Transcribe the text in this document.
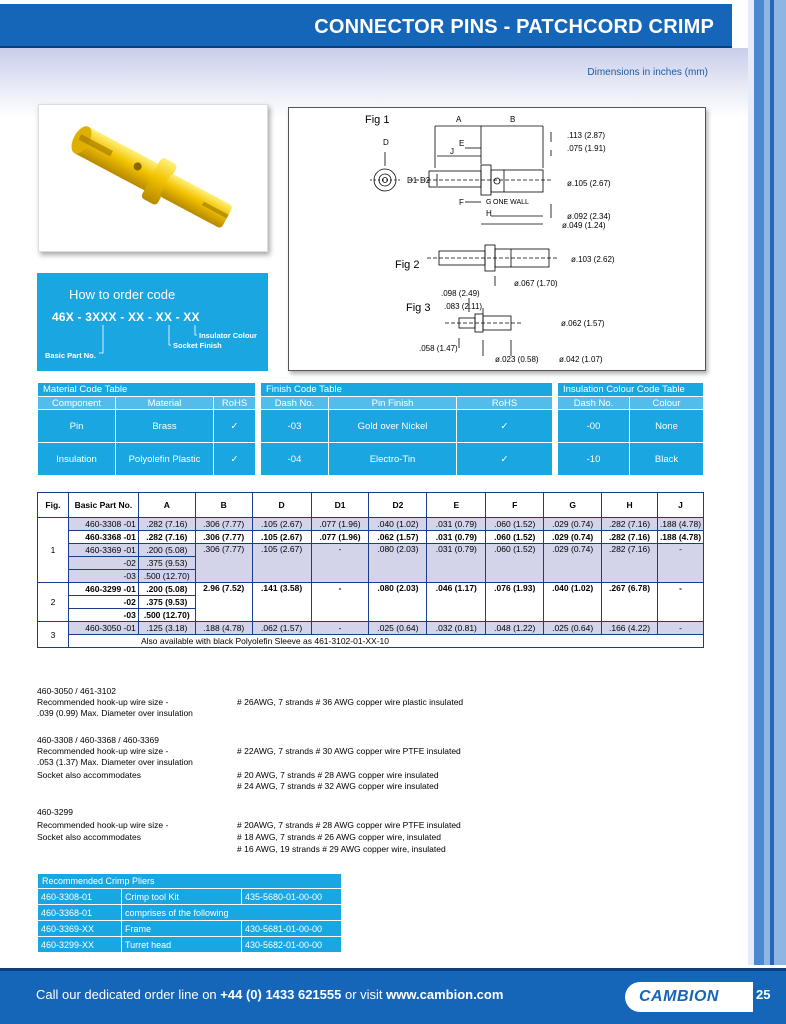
CONNECTOR PINS - PATCHCORD CRIMP
Dimensions in inches (mm)
Fig 1
Fig 2
Fig 3
A	B
D	E
J
D1 D2
F	G ONE WALL
H
.113 (2.87)
.075 (1.91)
ø.105 (2.67)
ø.092 (2.34)
ø.049 (1.24)
ø.103 (2.62)
ø.067 (1.70)
.098 (2.49)
.083 (2.11)
ø.062 (1.57)
.058 (1.47)
ø.023 (0.58)	ø.042 (1.07)
How to order code
46X - 3XXX - XX - XX - XX
Insulator Colour
Socket Finish
Basic Part No.
Material Code Table		
Component	Material	RoHS
Pin	Brass	✓
Insulation	Polyolefin Plastic	✓
Finish Code Table		
Dash No.	Pin Finish	RoHS
-03	Gold over Nickel	✓
-04	Electro-Tin	✓
Insulation Colour Code Table	
Dash No.	Colour
-00	None
-10	Black
Fig.	Basic Part No.	A	B	D	D1	D2	E	F	G	H	J
1	460-3308 -01	.282 (7.16)	.306 (7.77)	.105 (2.67)	.077 (1.96)	.040 (1.02)	.031 (0.79)	.060 (1.52)	.029 (0.74)	.282 (7.16)	.188 (4.78)
	460-3368 -01	.282 (7.16)	.306 (7.77)	.105 (2.67)	.077 (1.96)	.062 (1.57)	.031 (0.79)	.060 (1.52)	.029 (0.74)	.282 (7.16)	.188 (4.78)
	460-3369 -01	.200 (5.08)	.306 (7.77)	.105 (2.67)	-	.080 (2.03)	.031 (0.79)	.060 (1.52)	.029 (0.74)	.282 (7.16)	-
	-02	.375 (9.53)									
	-03	.500 (12.70)									
2	460-3299 -01	.200 (5.08)	2.96 (7.52)	.141 (3.58)	-	.080 (2.03)	.046 (1.17)	.076 (1.93)	.040 (1.02)	.267 (6.78)	-
	-02	.375 (9.53)									
	-03	.500 (12.70)									
3	460-3050 -01	.125 (3.18)	.188 (4.78)	.062 (1.57)	-	.025 (0.64)	.032 (0.81)	.048 (1.22)	.025 (0.64)	.166 (4.22)	-
	Also available with black Polyolefin Sleeve as 461-3102-01-XX-10										
460-3050 / 461-3102
Recommended hook-up wire size -	# 26AWG, 7 strands # 36 AWG copper wire plastic insulated
.039 (0.99) Max. Diameter over insulation
460-3308 / 460-3368 / 460-3369
Recommended hook-up wire size -	# 22AWG, 7 strands # 30 AWG copper wire PTFE insulated
.053 (1.37) Max. Diameter over insulation
Socket also accommodates	# 20 AWG, 7 strands # 28 AWG copper wire insulated
# 24 AWG, 7 strands # 32 AWG copper wire insulated
460-3299
Recommended hook-up wire size -	# 20AWG, 7 strands # 28 AWG copper wire PTFE insulated
Socket also accommodates	# 18 AWG, 7 strands # 26 AWG copper wire, insulated
# 16 AWG, 19 strands # 29 AWG copper wire, insulated
Recommended Crimp Pliers		
460-3308-01	Crimp tool Kit	435-5680-01-00-00
460-3368-01	comprises of the following	
460-3369-XX	Frame	430-5681-01-00-00
460-3299-XX	Turret head	430-5682-01-00-00
Call our dedicated order line on +44 (0) 1433 621555 or visit www.cambion.com	CAMBION	25
